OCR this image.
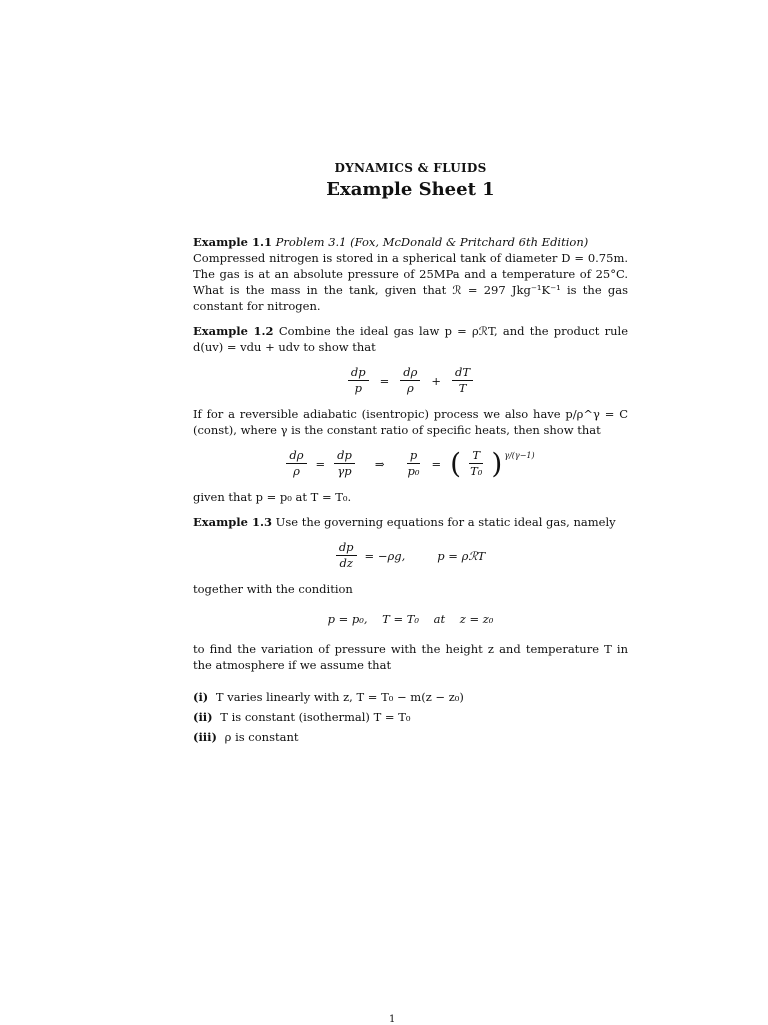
DYNAMICS & FLUIDS
Example Sheet 1

Example 1.1 Problem 3.1 (Fox, McDonald & Pritchard 6th Edition)

Compressed nitrogen is stored in a spherical tank of diameter D = 0.75m. The gas is at an absolute pressure of 25MPa and a temperature of 25°C. What is the mass in the tank, given that ℛ = 297 Jkg⁻¹K⁻¹ is the gas constant for nitrogen.

Example 1.2 Combine the ideal gas law p = ρℛT, and the product rule d(uv) = vdu + udv to show that

$\frac{dp}{p} = \frac{d\rho}{\rho} + \frac{dT}{T}$

If for a reversible adiabatic (isentropic) process we also have p/ρ^γ = C (const), where γ is the constant ratio of specific heats, then show that

$\frac{d\rho}{\rho} = \frac{dp}{\gamma p}$ ⇒ $\frac{p}{\text{p₀}}$ = ( $\frac{T}{\text{T₀}}$ ) γ/(γ−1)

given that p = p₀ at T = T₀.

Example 1.3 Use the governing equations for a static ideal gas, namely

$\frac{dp}{dz} = -\rho g$,	p = ρℛT

together with the condition

p = p₀,    T = T₀    at    z = z₀

to find the variation of pressure with the height z and temperature T in the atmosphere if we assume that

(i) T varies linearly with z, T = T₀ − m(z − z₀)
(ii) T is constant (isothermal) T = T₀
(iii) ρ is constant
1
